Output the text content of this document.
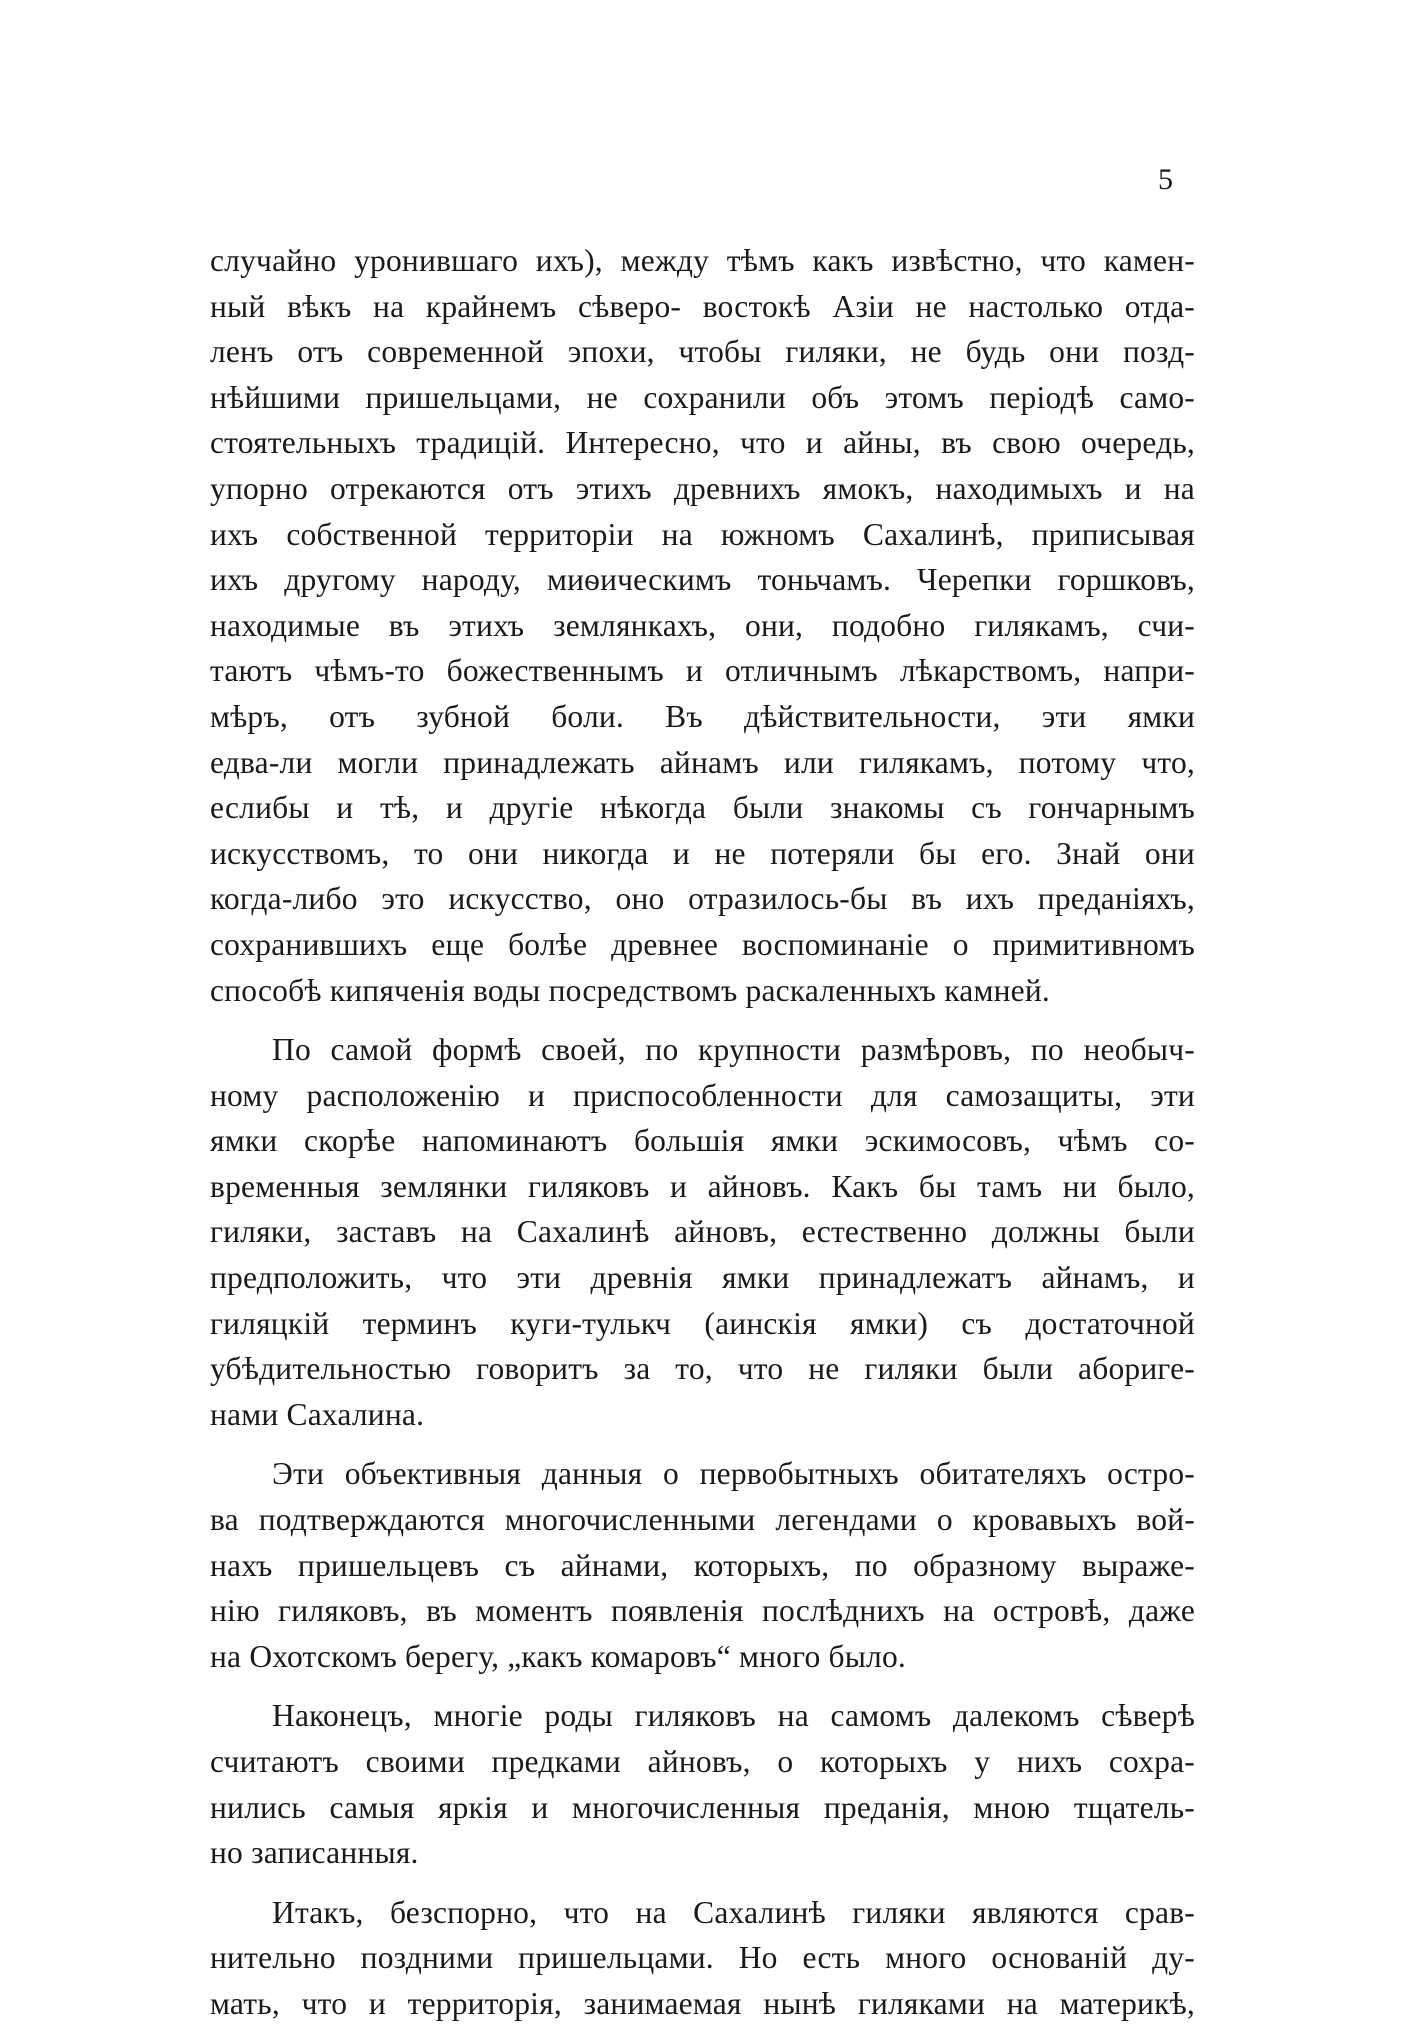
5
случайно уронившаго ихъ), между тѣмъ какъ извѣстно, что камен-
ный вѣкъ на крайнемъ сѣверо- востокѣ Азіи не настолько отда-
ленъ отъ современной эпохи, чтобы гиляки, не будь они позд-
нѣйшими пришельцами, не сохранили объ этомъ періодѣ само-
стоятельныхъ традицій. Интересно, что и айны, въ свою очередь,
упорно отрекаются отъ этихъ древнихъ ямокъ, находимыхъ и на
ихъ собственной территоріи на южномъ Сахалинѣ, приписывая
ихъ другому народу, миѳическимъ тоньчамъ. Черепки горшковъ,
находимые въ этихъ землянкахъ, они, подобно гилякамъ, счи-
таютъ чѣмъ-то божественнымъ и отличнымъ лѣкарствомъ, напри-
мѣръ, отъ зубной боли. Въ дѣйствительности, эти ямки
едва-ли могли принадлежать айнамъ или гилякамъ, потому что,
еслибы и тѣ, и другіе нѣкогда были знакомы съ гончарнымъ
искусствомъ, то они никогда и не потеряли бы его. Знай они
когда-либо это искусство, оно отразилось-бы въ ихъ преданіяхъ,
сохранившихъ еще болѣе древнее воспоминаніе о примитивномъ
способѣ кипяченія воды посредствомъ раскаленныхъ камней.
По самой формѣ своей, по крупности размѣровъ, по необыч-
ному расположенію и приспособленности для самозащиты, эти
ямки скорѣе напоминаютъ большія ямки эскимосовъ, чѣмъ со-
временныя землянки гиляковъ и айновъ. Какъ бы тамъ ни было,
гиляки, заставъ на Сахалинѣ айновъ, естественно должны были
предположить, что эти древнія ямки принадлежатъ айнамъ, и
гиляцкій терминъ куги-тулькч (аинскія ямки) съ достаточной
убѣдительностью говоритъ за то, что не гиляки были абориге-
нами Сахалина.
Эти объективныя данныя о первобытныхъ обитателяхъ остро-
ва подтверждаются многочисленными легендами о кровавыхъ вой-
нахъ пришельцевъ съ айнами, которыхъ, по образному выраже-
нію гиляковъ, въ моментъ появленія послѣднихъ на островѣ, даже
на Охотскомъ берегу, „какъ комаровъ“ много было.
Наконецъ, многіе роды гиляковъ на самомъ далекомъ сѣверѣ
считаютъ своими предками айновъ, о которыхъ у нихъ сохра-
нились самыя яркія и многочисленныя преданія, мною тщатель-
но записанныя.
Итакъ, безспорно, что на Сахалинѣ гиляки являются срав-
нительно поздними пришельцами. Но есть много основаній ду-
мать, что и территорія, занимаемая нынѣ гиляками на материкѣ,
